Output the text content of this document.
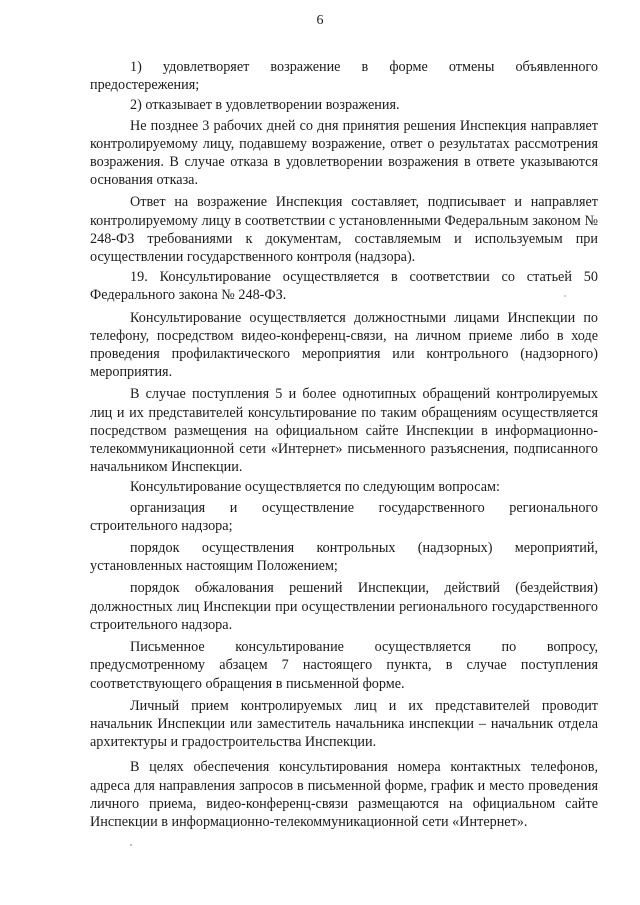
6

1) удовлетворяет возражение в форме отмены объявленного предостережения;

2) отказывает в удовлетворении возражения.

Не позднее 3 рабочих дней со дня принятия решения Инспекция направляет контролируемому лицу, подавшему возражение, ответ о результатах рассмотрения возражения. В случае отказа в удовлетворении возражения в ответе указываются основания отказа.

Ответ на возражение Инспекция составляет, подписывает и направляет контролируемому лицу в соответствии с установленными Федеральным законом № 248-ФЗ требованиями к документам, составляемым и используемым при осуществлении государственного контроля (надзора).

19. Консультирование осуществляется в соответствии со статьей 50 Федерального закона № 248-ФЗ.

Консультирование осуществляется должностными лицами Инспекции по телефону, посредством видео-конференц-связи, на личном приеме либо в ходе проведения профилактического мероприятия или контрольного (надзорного) мероприятия.

В случае поступления 5 и более однотипных обращений контролируемых лиц и их представителей консультирование по таким обращениям осуществляется посредством размещения на официальном сайте Инспекции в информационно-телекоммуникационной сети «Интернет» письменного разъяснения, подписанного начальником Инспекции.

Консультирование осуществляется по следующим вопросам:

организация и осуществление государственного регионального строительного надзора;

порядок осуществления контрольных (надзорных) мероприятий, установленных настоящим Положением;

порядок обжалования решений Инспекции, действий (бездействия) должностных лиц Инспекции при осуществлении регионального государственного строительного надзора.

Письменное консультирование осуществляется по вопросу, предусмотренному абзацем 7 настоящего пункта, в случае поступления соответствующего обращения в письменной форме.

Личный прием контролируемых лиц и их представителей проводит начальник Инспекции или заместитель начальника инспекции – начальник отдела архитектуры и градостроительства Инспекции.

В целях обеспечения консультирования номера контактных телефонов, адреса для направления запросов в письменной форме, график и место проведения личного приема, видео-конференц-связи размещаются на официальном сайте Инспекции в информационно-телекоммуникационной сети «Интернет».
